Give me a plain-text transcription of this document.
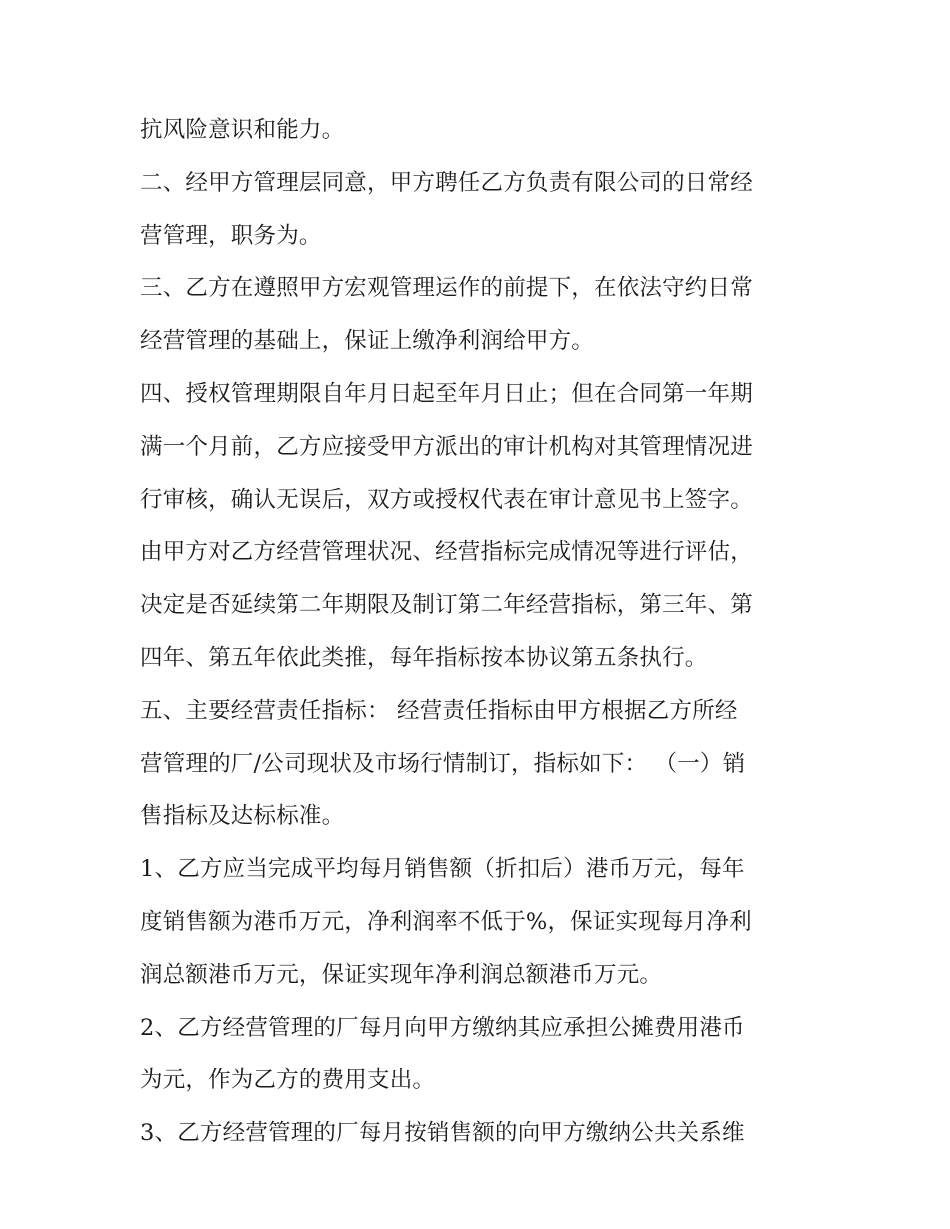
抗风险意识和能力。
二、经甲方管理层同意，甲方聘任乙方负责有限公司的日常经
营管理，职务为。
三、乙方在遵照甲方宏观管理运作的前提下，在依法守约日常
经营管理的基础上，保证上缴净利润给甲方。
四、授权管理期限自年月日起至年月日止；但在合同第一年期
满一个月前，乙方应接受甲方派出的审计机构对其管理情况进
行审核，确认无误后，双方或授权代表在审计意见书上签字。
由甲方对乙方经营管理状况、经营指标完成情况等进行评估，
决定是否延续第二年期限及制订第二年经营指标，第三年、第
四年、第五年依此类推，每年指标按本协议第五条执行。
五、主要经营责任指标： 经营责任指标由甲方根据乙方所经
营管理的厂/公司现状及市场行情制订，指标如下： （一）销
售指标及达标标准。
1、乙方应当完成平均每月销售额（折扣后）港币万元，每年
度销售额为港币万元，净利润率不低于%，保证实现每月净利
润总额港币万元，保证实现年净利润总额港币万元。
2、乙方经营管理的厂每月向甲方缴纳其应承担公摊费用港币
为元，作为乙方的费用支出。
3、乙方经营管理的厂每月按销售额的向甲方缴纳公共关系维
